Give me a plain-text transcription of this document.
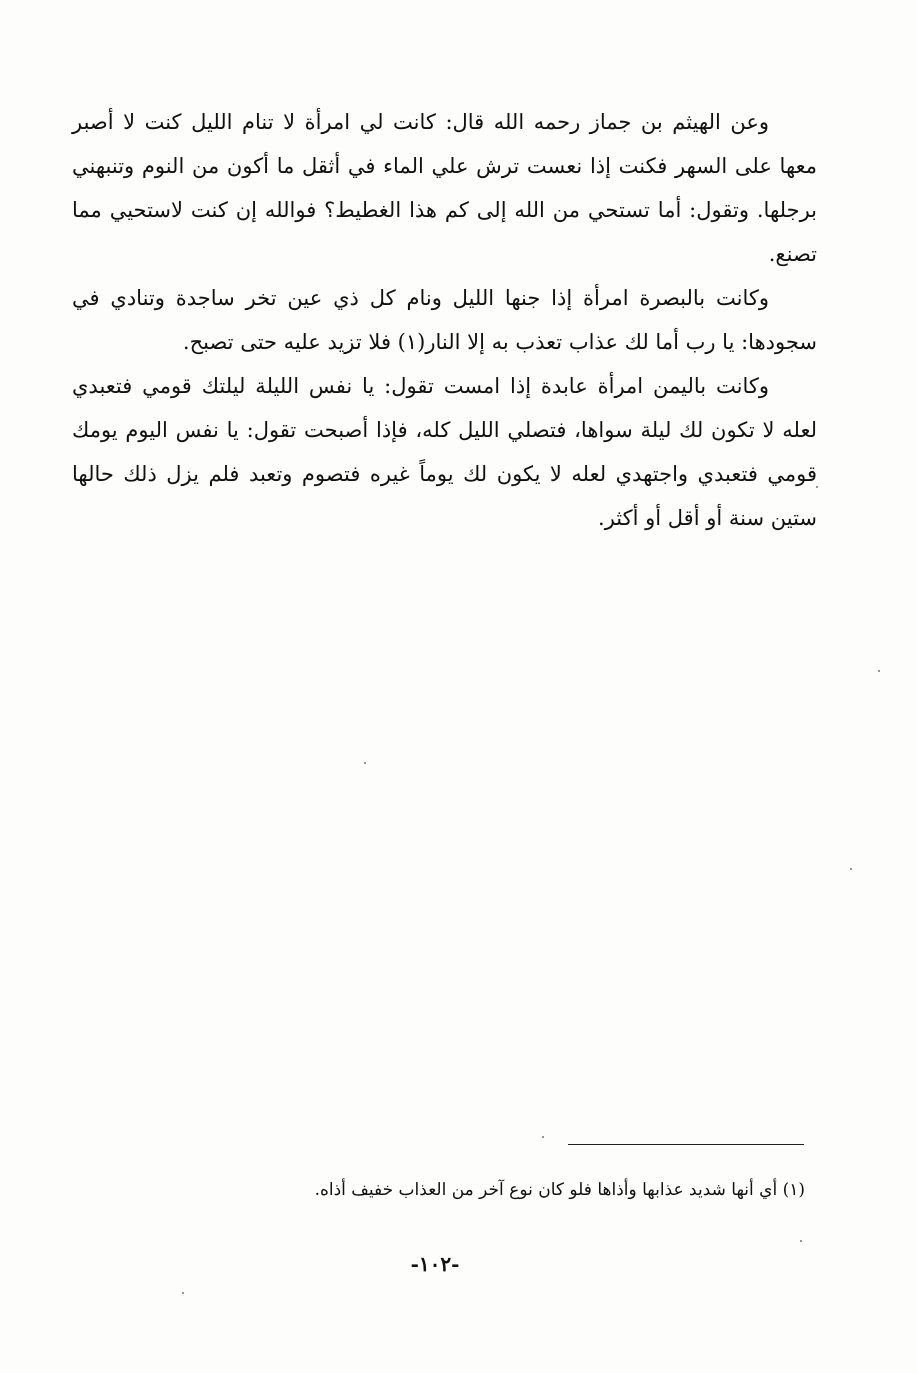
وعن الهيثم بن جماز رحمه الله قال: كانت لي امرأة لا تنام الليل كنت لا أصبر معها على السهر فكنت إذا نعست ترش علي الماء في أثقل ما أكون من النوم وتنبهني برجلها. وتقول: أما تستحي من الله إلى كم هذا الغطيط؟ فوالله إن كنت لاستحيي مما تصنع.

وكانت بالبصرة امرأة إذا جنها الليل ونام كل ذي عين تخر ساجدة وتنادي في سجودها: يا رب أما لك عذاب تعذب به إلا النار(١) فلا تزيد عليه حتى تصبح.

وكانت باليمن امرأة عابدة إذا امست تقول: يا نفس الليلة ليلتك قومي فتعبدي لعله لا تكون لك ليلة سواها، فتصلي الليل كله، فإذا أصبحت تقول: يا نفس اليوم يومك قومي فتعبدي واجتهدي لعله لا يكون لك يوماً غيره فتصوم وتعبد فلم يزل ذلك حالها ستين سنة أو أقل أو أكثر.

(١) أي أنها شديد عذابها وأذاها فلو كان نوع آخر من العذاب خفيف أذاه.
-١٠٢-
